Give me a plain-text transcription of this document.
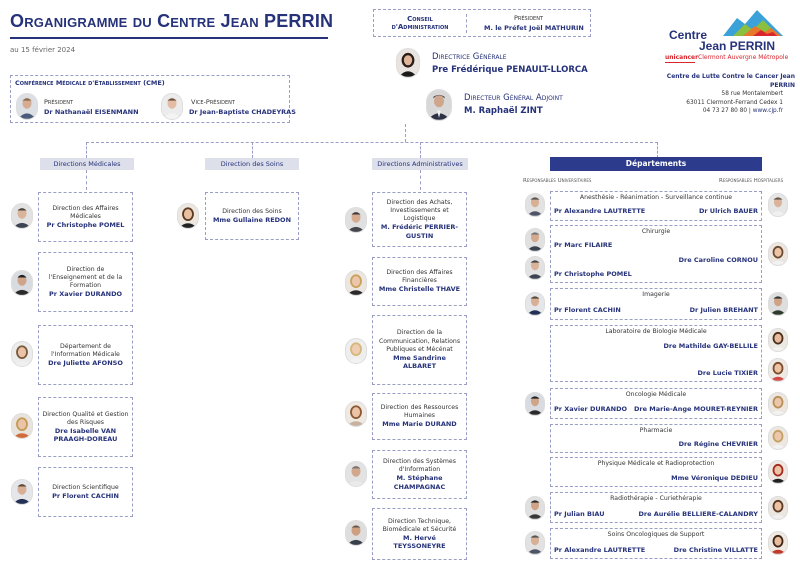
Organigramme du Centre Jean PERRIN
au 15 février 2024
Conseil d'Administration
Président
M. le Préfet Joël MATHURIN
Directrice Générale
Pre Frédérique PENAULT-LLORCA
Directeur Général Adjoint
M. Raphaël ZINT
Centre
Jean PERRIN
unicancer Clermont Auvergne Métropole
Centre de Lutte Contre le Cancer Jean PERRIN
58 rue Montalembert
63011 Clermont-Ferrand Cedex 1
04 73 27 80 80 | www.cjp.fr
Conférence Médicale d'Etablissement (CME)
Président
Dr Nathanaël EISENMANN
Vice-Président
Dr Jean-Baptiste CHADEYRAS
Directions Médicales	Direction des Soins	Directions Administratives	Départements
Responsables Universitaires	Responsables Hospitaliers
Direction des Affaires Médicales
Pr Christophe POMEL
Direction de l'Enseignement et de la Formation
Pr Xavier DURANDO
Département de l'Information Médicale
Dre Juliette AFONSO
Direction Qualité et Gestion des Risques
Dre Isabelle VAN PRAAGH-DOREAU
Direction Scientifique
Pr Florent CACHIN
Direction des Soins
Mme Gullaine REDON
Direction des Achats, Investissements et Logistique
M. Frédéric PERRIER-GUSTIN
Direction des Affaires Financières
Mme Christelle THAVE
Direction de la Communication, Relations Publiques et Mécénat
Mme Sandrine ALBARET
Direction des Ressources Humaines
Mme Marie DURAND
Direction des Systèmes d'Information
M. Stéphane CHAMPAGNAC
Direction Technique, Biomédicale et Sécurité
M. Hervé TEYSSONEYRE
Anesthésie - Réanimation - Surveillance continue
Pr Alexandre LAUTRETTE	Dr Ulrich BAUER
Chirurgie
Pr Marc FILAIRE
Pr Christophe POMEL
Dre Caroline CORNOU
Imagerie
Pr Florent CACHIN	Dr Julien BREHANT
Laboratoire de Biologie Médicale
Dre Mathilde GAY-BELLILE
Dre Lucie TIXIER
Oncologie Médicale
Pr Xavier DURANDO Dre Marie-Ange MOURET-REYNIER
Pharmacie
Dre Régine CHEVRIER
Physique Médicale et Radioprotection
Mme Véronique DEDIEU
Radiothérapie - Curiethérapie
Pr Julian BIAU	Dre Aurélie BELLIERE-CALANDRY
Soins Oncologiques de Support
Pr Alexandre LAUTRETTE	Dre Christine VILLATTE
